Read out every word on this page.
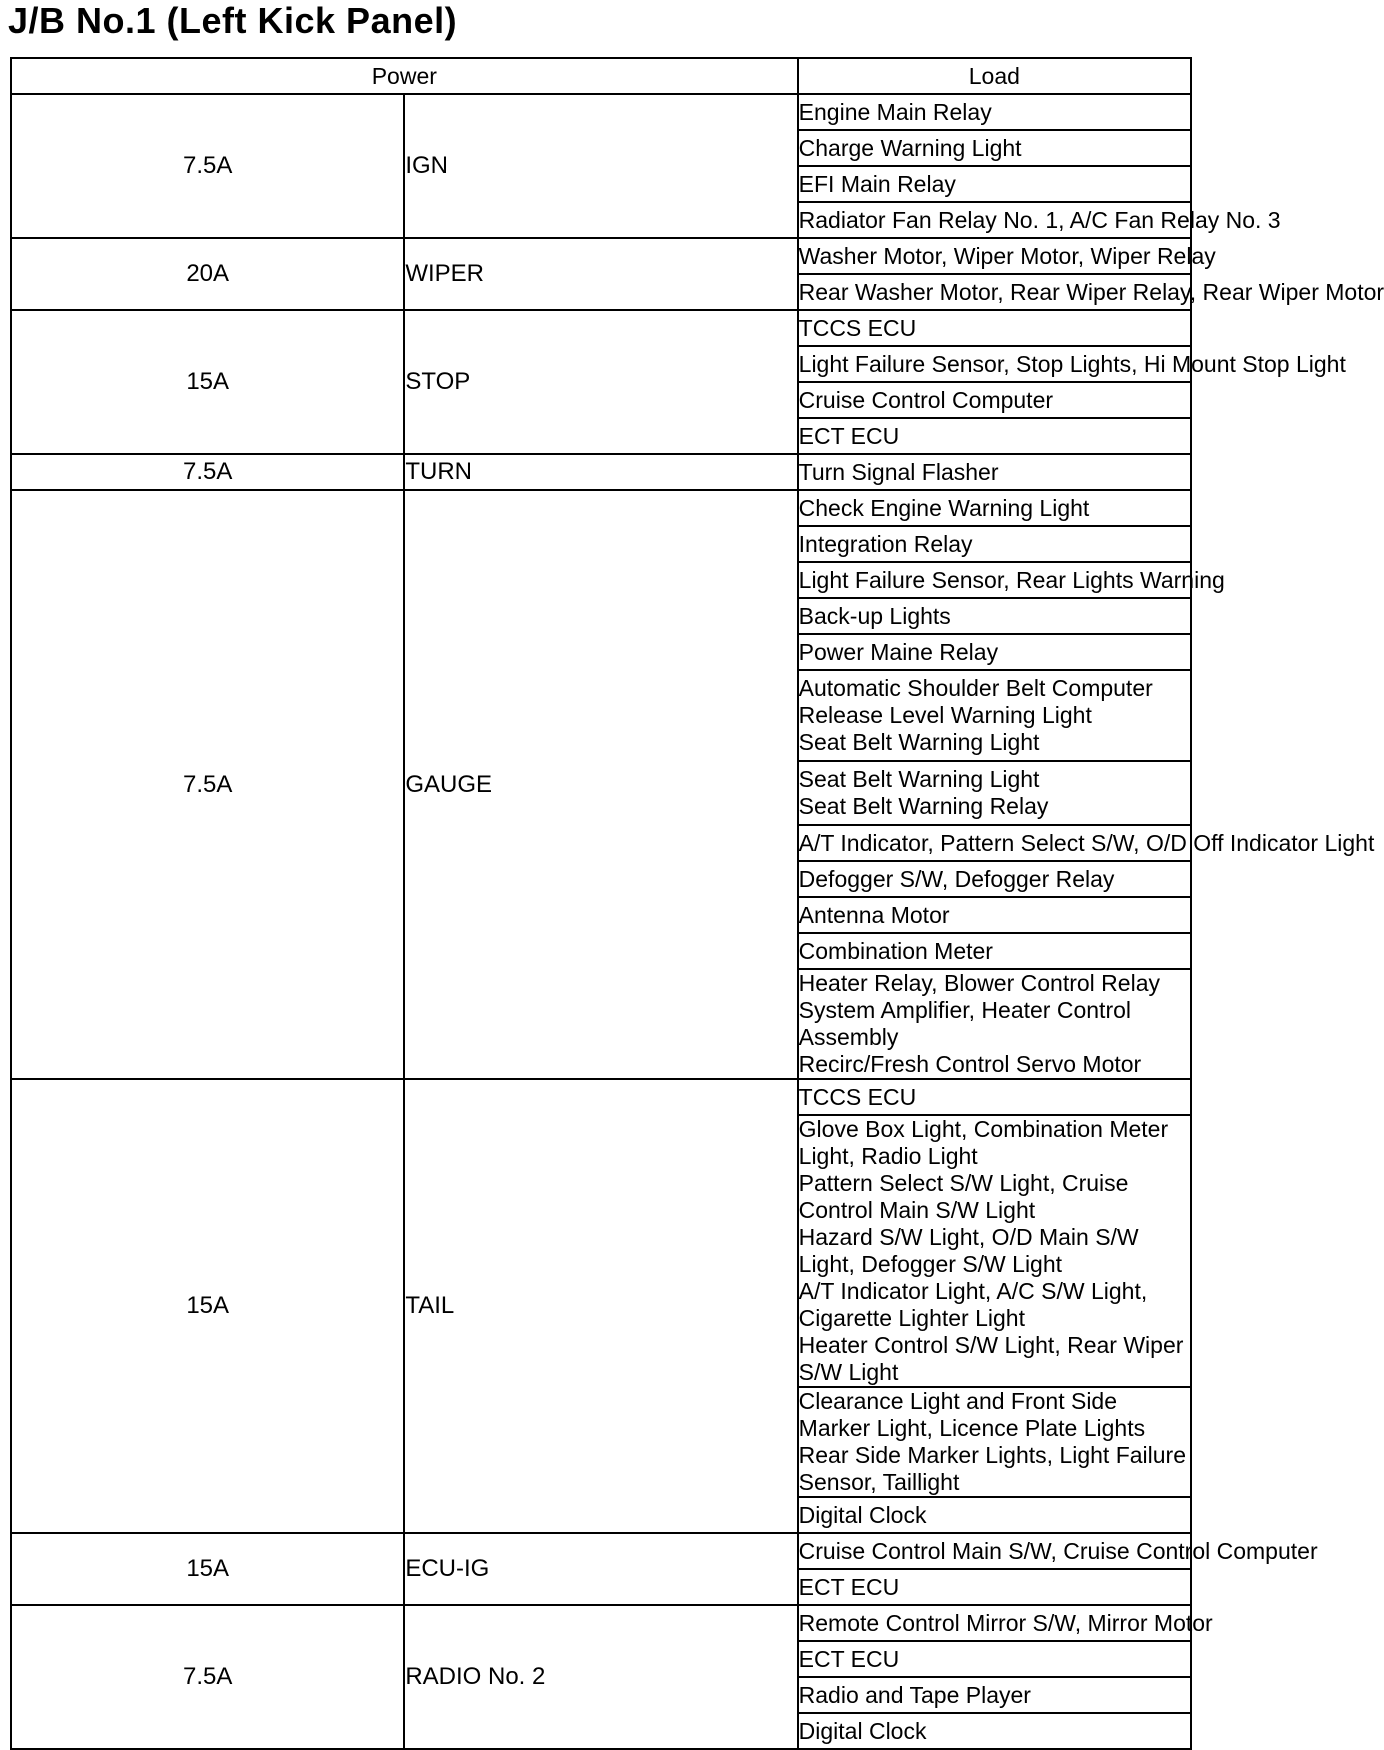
J/B No.1 (Left Kick Panel)
Power		Load
7.5A	IGN	Engine Main Relay

		Charge Warning Light

		EFI Main Relay

		Radiator Fan Relay No. 1, A/C Fan Relay No. 3

20A	WIPER	Washer Motor, Wiper Motor, Wiper Relay

		Rear Washer Motor, Rear Wiper Relay, Rear Wiper Motor

15A	STOP	TCCS ECU

		Light Failure Sensor, Stop Lights, Hi Mount Stop Light

		Cruise Control Computer

		ECT ECU

7.5A	TURN	Turn Signal Flasher

7.5A	GAUGE	Check Engine Warning Light

		Integration Relay

		Light Failure Sensor, Rear Lights Warning

		Back-up Lights

		Power Maine Relay

		Automatic Shoulder Belt Computer
Release Level Warning Light
Seat Belt Warning Light

		Seat Belt Warning Light
Seat Belt Warning Relay

		A/T Indicator, Pattern Select S/W, O/D Off Indicator Light

		Defogger S/W, Defogger Relay

		Antenna Motor

		Combination Meter

		Heater Relay, Blower Control Relay
System Amplifier, Heater Control Assembly
Recirc/Fresh Control Servo Motor

15A	TAIL	TCCS ECU

		Glove Box Light, Combination Meter Light, Radio Light
Pattern Select S/W Light, Cruise Control Main S/W Light
Hazard S/W Light, O/D Main S/W Light, Defogger S/W Light
A/T Indicator Light, A/C S/W Light, Cigarette Lighter Light
Heater Control S/W Light, Rear Wiper S/W Light

		Clearance Light and Front Side Marker Light, Licence Plate Lights
Rear Side Marker Lights, Light Failure Sensor, Taillight

		Digital Clock

15A	ECU-IG	Cruise Control Main S/W, Cruise Control Computer

		ECT ECU

7.5A	RADIO No. 2	Remote Control Mirror S/W, Mirror Motor

		ECT ECU

		Radio and Tape Player

		Digital Clock
